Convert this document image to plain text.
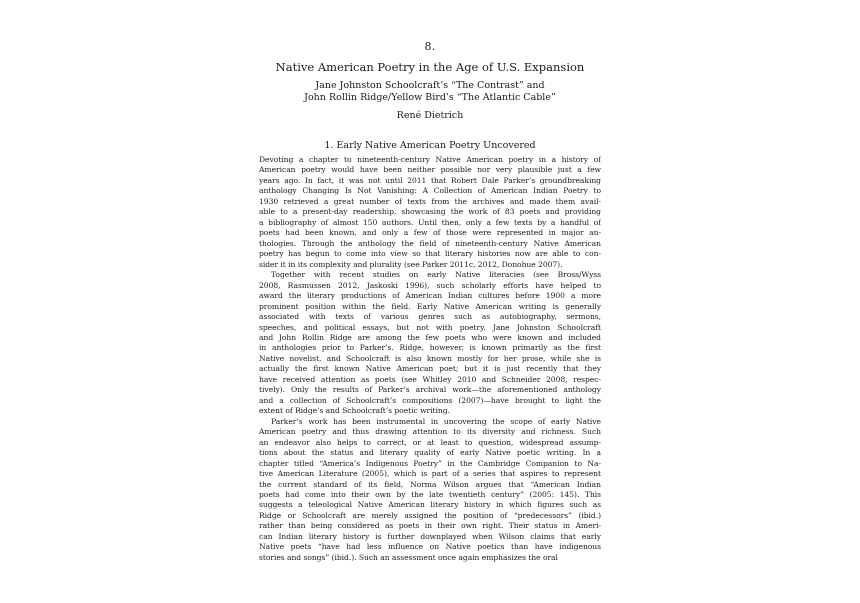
8.
Native American Poetry in the Age of U.S. Expansion
Jane Johnston Schoolcraft’s “The Contrast” and
John Rollin Ridge/Yellow Bird’s “The Atlantic Cable”
René Dietrich
1. Early Native American Poetry Uncovered
Devoting a chapter to nineteenth-century Native American poetry in a history of
American poetry would have been neither possible nor very plausible just a few
years ago. In fact, it was not until 2011 that Robert Dale Parker’s groundbreaking
anthology Changing Is Not Vanishing: A Collection of American Indian Poetry to
1930 retrieved a great number of texts from the archives and made them avail-
able to a present-day readership, showcasing the work of 83 poets and providing
a bibliography of almost 150 authors. Until then, only a few texts by a handful of
poets had been known, and only a few of those were represented in major an-
thologies. Through the anthology the field of nineteenth-century Native American
poetry has begun to come into view so that literary histories now are able to con-
sider it in its complexity and plurality (see Parker 2011c, 2012, Donohue 2007).
Together with recent studies on early Native literacies (see Bross/Wyss
2008, Rasmussen 2012, Jaskoski 1996), such scholarly efforts have helped to
award the literary productions of American Indian cultures before 1900 a more
prominent position within the field. Early Native American writing is generally
associated with texts of various genres such as autobiography, sermons,
speeches, and political essays, but not with poetry. Jane Johnston Schoolcraft
and John Rollin Ridge are among the few poets who were known and included
in anthologies prior to Parker’s. Ridge, however, is known primarily as the first
Native novelist, and Schoolcraft is also known mostly for her prose, while she is
actually the first known Native American poet; but it is just recently that they
have received attention as poets (see Whitley 2010 and Schneider 2008, respec-
tively). Only the results of Parker’s archival work—the aforementioned anthology
and a collection of Schoolcraft’s compositions (2007)—have brought to light the
extent of Ridge’s and Schoolcraft’s poetic writing.
Parker’s work has been instrumental in uncovering the scope of early Native
American poetry and thus drawing attention to its diversity and richness. Such
an endeavor also helps to correct, or at least to question, widespread assump-
tions about the status and literary quality of early Native poetic writing. In a
chapter titled “America’s Indigenous Poetry” in the Cambridge Companion to Na-
tive American Literature (2005), which is part of a series that aspires to represent
the current standard of its field, Norma Wilson argues that “American Indian
poets had come into their own by the late twentieth century” (2005: 145). This
suggests a teleological Native American literary history in which figures such as
Ridge or Schoolcraft are merely assigned the position of “predecessors” (ibid.)
rather than being considered as poets in their own right. Their status in Ameri-
can Indian literary history is further downplayed when Wilson claims that early
Native poets “have had less influence on Native poetics than have indigenous
stories and songs” (ibid.). Such an assessment once again emphasizes the oral
